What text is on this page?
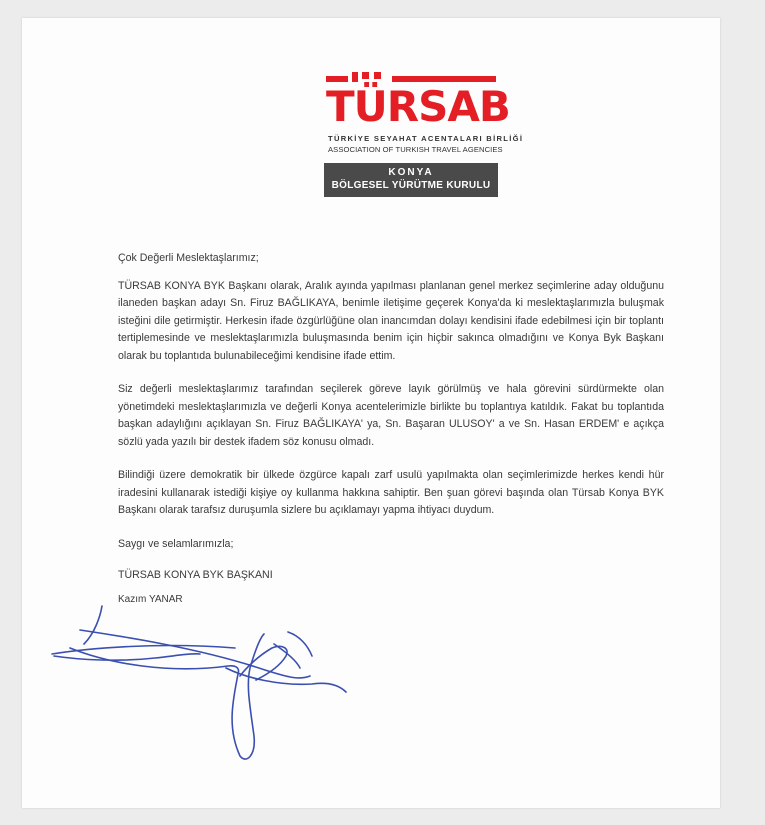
TÜRSAB
TÜRKİYE SEYAHAT ACENTALARI BİRLİĞİ
ASSOCIATION OF TURKISH TRAVEL AGENCIES
KONYA
BÖLGESEL YÜRÜTME KURULU

Çok Değerli Meslektaşlarımız;

TÜRSAB KONYA BYK Başkanı olarak, Aralık ayında yapılması planlanan genel merkez seçimlerine aday olduğunu ilaneden başkan adayı Sn. Firuz BAĞLIKAYA, benimle iletişime geçerek Konya'da ki meslektaşlarımızla buluşmak isteğini dile getirmiştir. Herkesin ifade özgürlüğüne olan inancımdan dolayı kendisini ifade edebilmesi için bir toplantı tertiplemesinde ve meslektaşlarımızla buluşmasında benim için hiçbir sakınca olmadığını ve Konya Byk Başkanı olarak bu toplantıda bulunabileceğimi kendisine ifade ettim.

Siz değerli meslektaşlarımız tarafından seçilerek göreve layık görülmüş ve hala görevini sürdürmekte olan yönetimdeki meslektaşlarımızla ve değerli Konya acentelerimizle birlikte bu toplantıya katıldık. Fakat bu toplantıda başkan adaylığını açıklayan Sn. Firuz BAĞLIKAYA' ya, Sn. Başaran ULUSOY' a ve Sn. Hasan ERDEM' e açıkça sözlü yada yazılı bir destek ifadem söz konusu olmadı.

Bilindiği üzere demokratik bir ülkede özgürce kapalı zarf usulü yapılmakta olan seçimlerimizde herkes kendi hür iradesini kullanarak istediği kişiye oy kullanma hakkına sahiptir. Ben şuan görevi başında olan Türsab Konya BYK Başkanı olarak tarafsız duruşumla sizlere bu açıklamayı yapma ihtiyacı duydum.

Saygı ve selamlarımızla;

TÜRSAB KONYA BYK BAŞKANI

Kazım YANAR
